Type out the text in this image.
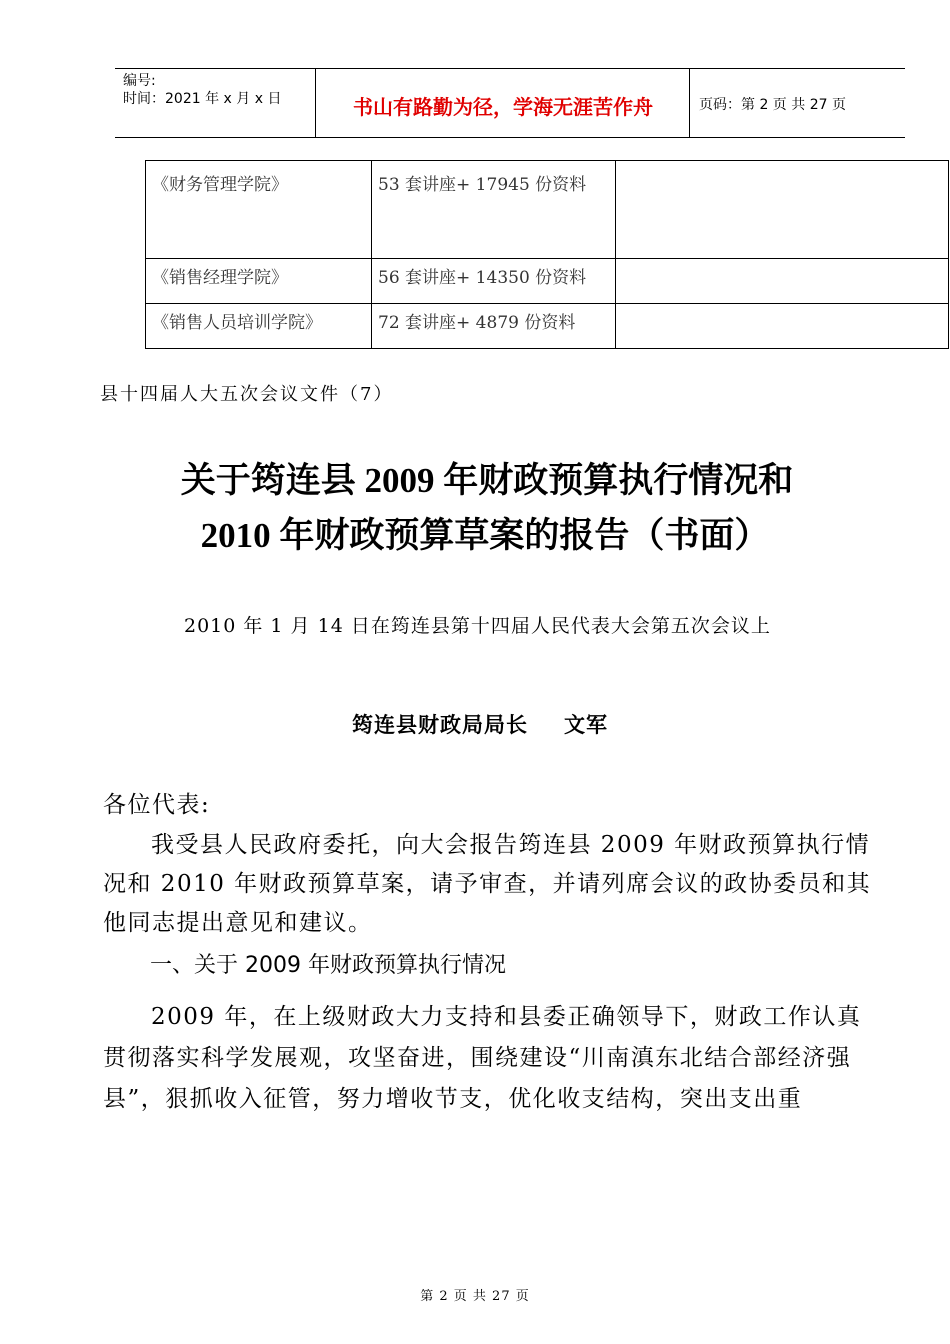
编号:
时间：2021 年 x 月 x 日	书山有路勤为径，学海无涯苦作舟	页码：第 2 页 共 27 页
《财务管理学院》	53 套讲座+ 17945 份资料	
《销售经理学院》	56 套讲座+ 14350 份资料	
《销售人员培训学院》	72 套讲座+ 4879 份资料	
县十四届人大五次会议文件（7）
关于筠连县 2009 年财政预算执行情况和
2010 年财政预算草案的报告（书面）
2010 年 1 月 14 日在筠连县第十四届人民代表大会第五次会议上
筠连县财政局局长 文军
各位代表:
我受县人民政府委托，向大会报告筠连县 2009 年财政预算执行情况和 2010 年财政预算草案，请予审查，并请列席会议的政协委员和其他同志提出意见和建议。
一、关于 2009 年财政预算执行情况
2009 年，在上级财政大力支持和县委正确领导下，财政工作认真贯彻落实科学发展观，攻坚奋进，围绕建设“川南滇东北结合部经济强县”，狠抓收入征管，努力增收节支，优化收支结构，突出支出重
第 2 页 共 27 页
